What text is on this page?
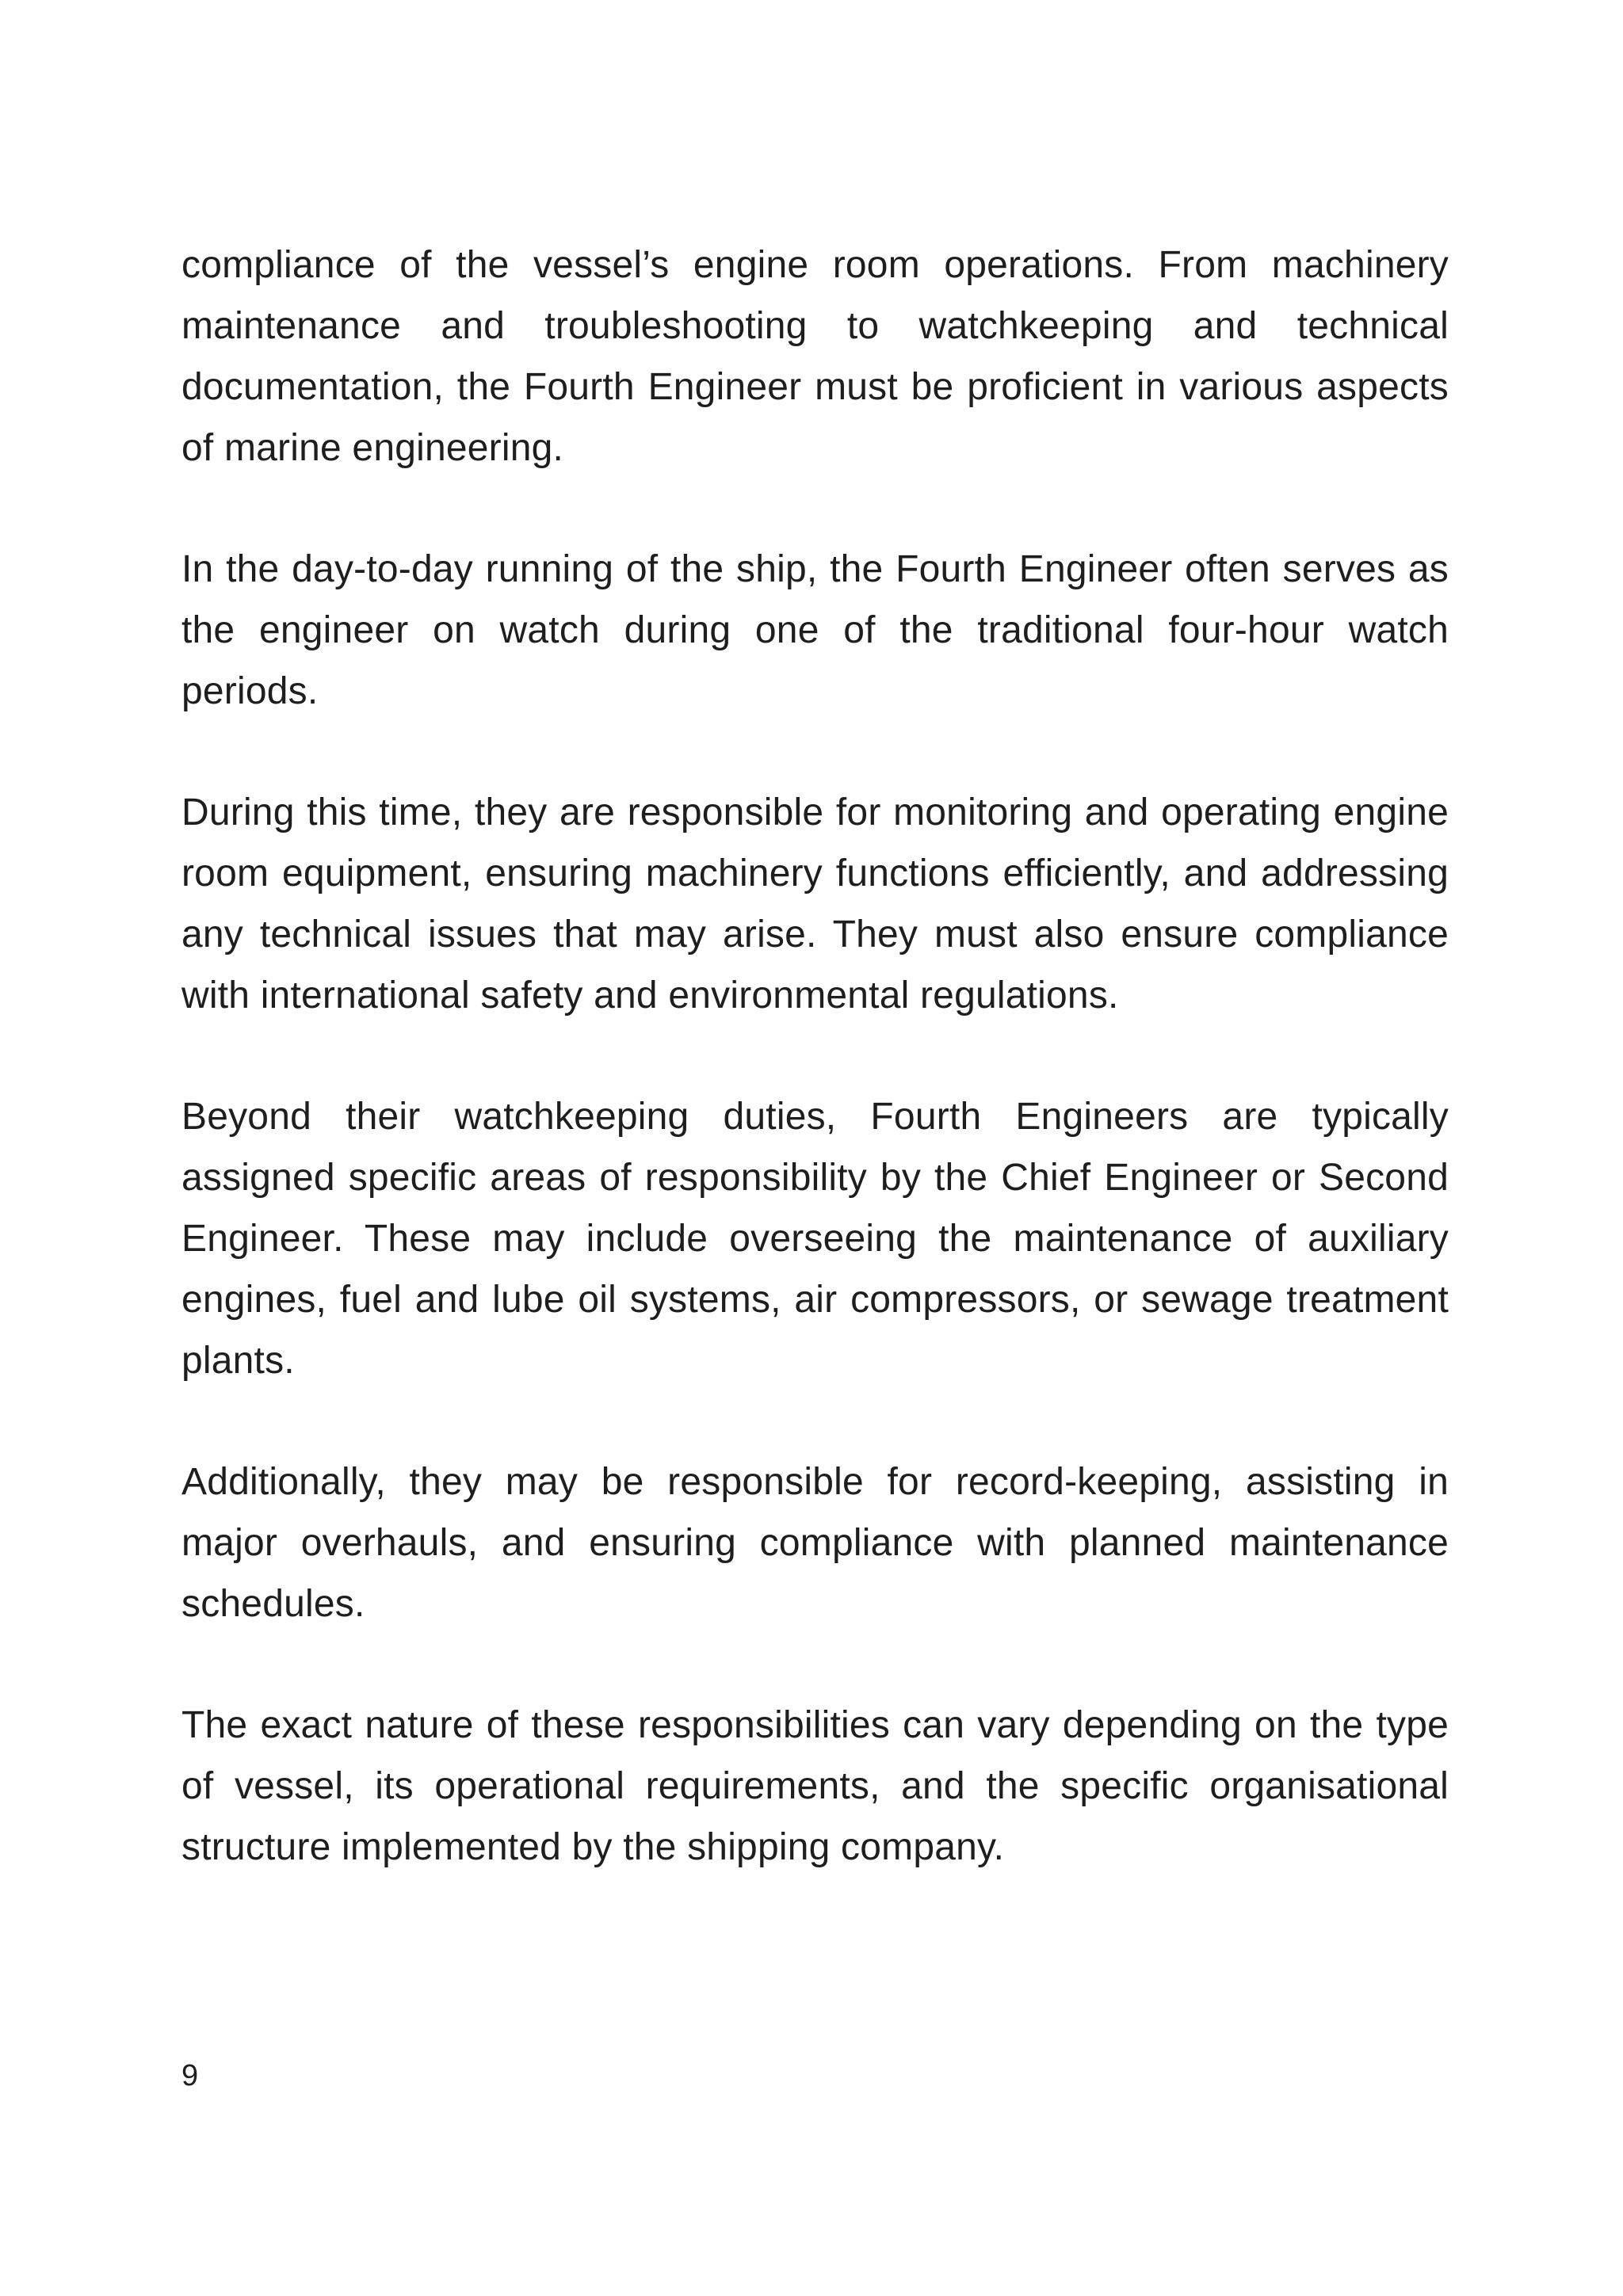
compliance of the vessel’s engine room operations. From machinery maintenance and troubleshooting to watchkeeping and technical documentation, the Fourth Engineer must be proficient in various aspects of marine engineering.

In the day-to-day running of the ship, the Fourth Engineer often serves as the engineer on watch during one of the traditional four-hour watch periods.

During this time, they are responsible for monitoring and operating engine room equipment, ensuring machinery functions efficiently, and addressing any technical issues that may arise. They must also ensure compliance with international safety and environmental regulations.

Beyond their watchkeeping duties, Fourth Engineers are typically assigned specific areas of responsibility by the Chief Engineer or Second Engineer. These may include overseeing the maintenance of auxiliary engines, fuel and lube oil systems, air compressors, or sewage treatment plants.

Additionally, they may be responsible for record-keeping, assisting in major overhauls, and ensuring compliance with planned maintenance schedules.

The exact nature of these responsibilities can vary depending on the type of vessel, its operational requirements, and the specific organisational structure implemented by the shipping company.

9
